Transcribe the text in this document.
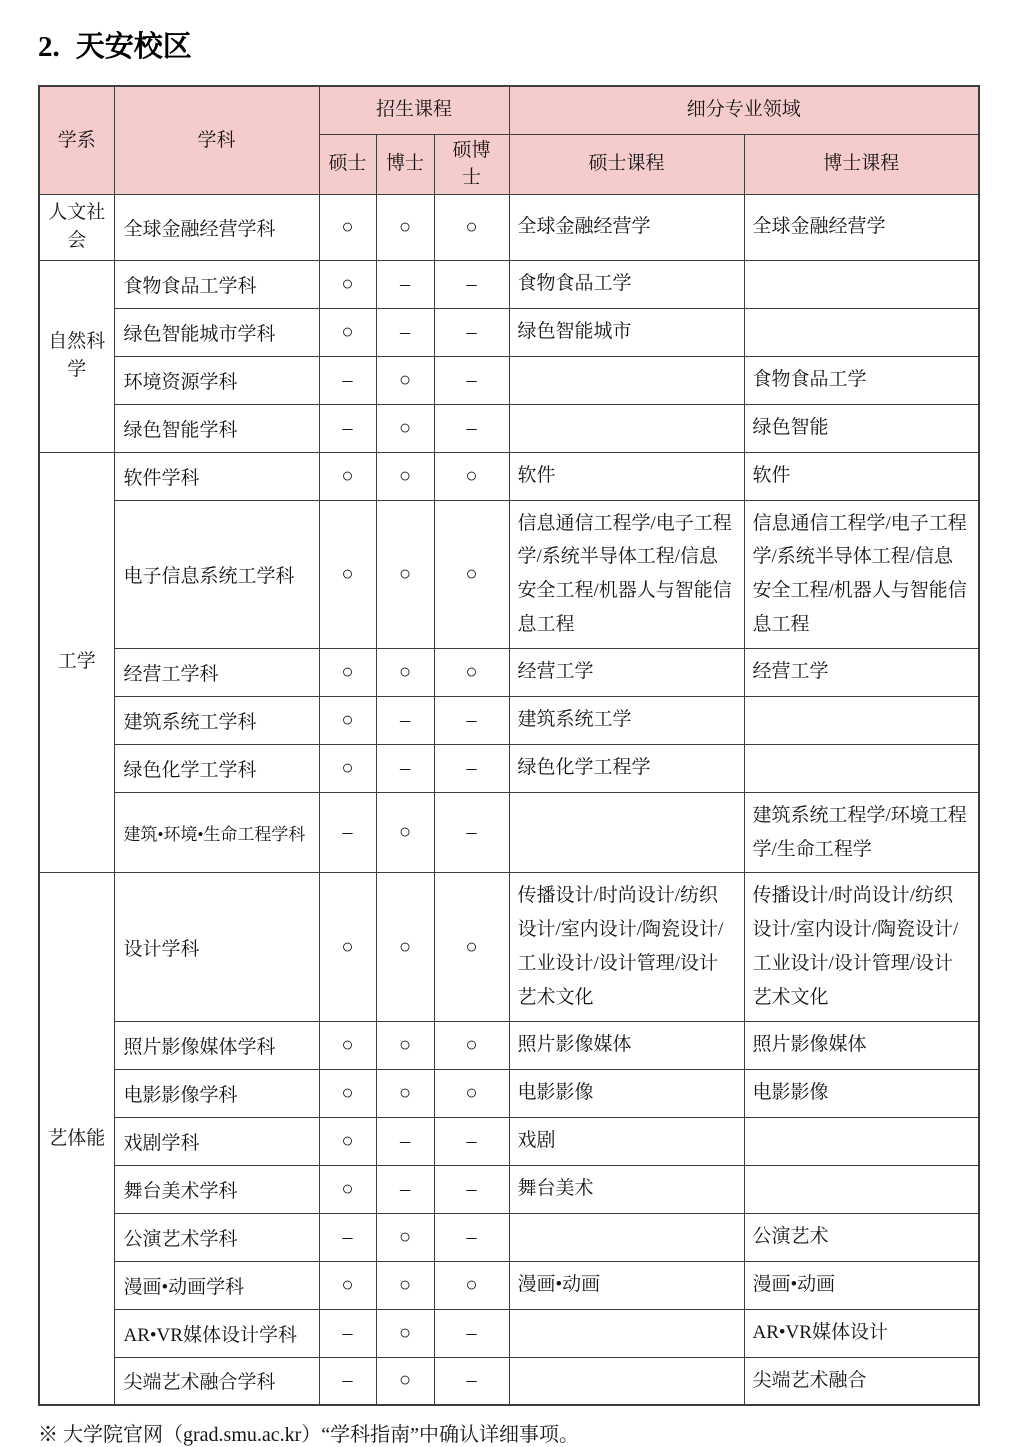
2. 天安校区
学系	学科	招生课程			细分专业领域	
		硕士	博士	硕博士	硕士课程	博士课程
人文社会	全球金融经营学科	○	○	○	全球金融经营学	全球金融经营学
自然科学	食物食品工学科	○	–	–	食物食品工学	
	绿色智能城市学科	○	–	–	绿色智能城市	
	环境资源学科	–	○	–		食物食品工学
	绿色智能学科	–	○	–		绿色智能
工学	软件学科	○	○	○	软件	软件
	电子信息系统工学科	○	○	○	信息通信工程学/电子工程学/系统半导体工程/信息安全工程/机器人与智能信息工程	信息通信工程学/电子工程学/系统半导体工程/信息安全工程/机器人与智能信息工程
	经营工学科	○	○	○	经营工学	经营工学
	建筑系统工学科	○	–	–	建筑系统工学	
	绿色化学工学科	○	–	–	绿色化学工程学	
	建筑•环境•生命工程学科	–	○	–		建筑系统工程学/环境工程学/生命工程学
艺体能	设计学科	○	○	○	传播设计/时尚设计/纺织设计/室内设计/陶瓷设计/工业设计/设计管理/设计艺术文化	传播设计/时尚设计/纺织设计/室内设计/陶瓷设计/工业设计/设计管理/设计艺术文化
	照片影像媒体学科	○	○	○	照片影像媒体	照片影像媒体
	电影影像学科	○	○	○	电影影像	电影影像
	戏剧学科	○	–	–	戏剧	
	舞台美术学科	○	–	–	舞台美术	
	公演艺术学科	–	○	–		公演艺术
	漫画•动画学科	○	○	○	漫画•动画	漫画•动画
	AR•VR媒体设计学科	–	○	–		AR•VR媒体设计
	尖端艺术融合学科	–	○	–		尖端艺术融合

※ 大学院官网（grad.smu.ac.kr）“学科指南”中确认详细事项。
